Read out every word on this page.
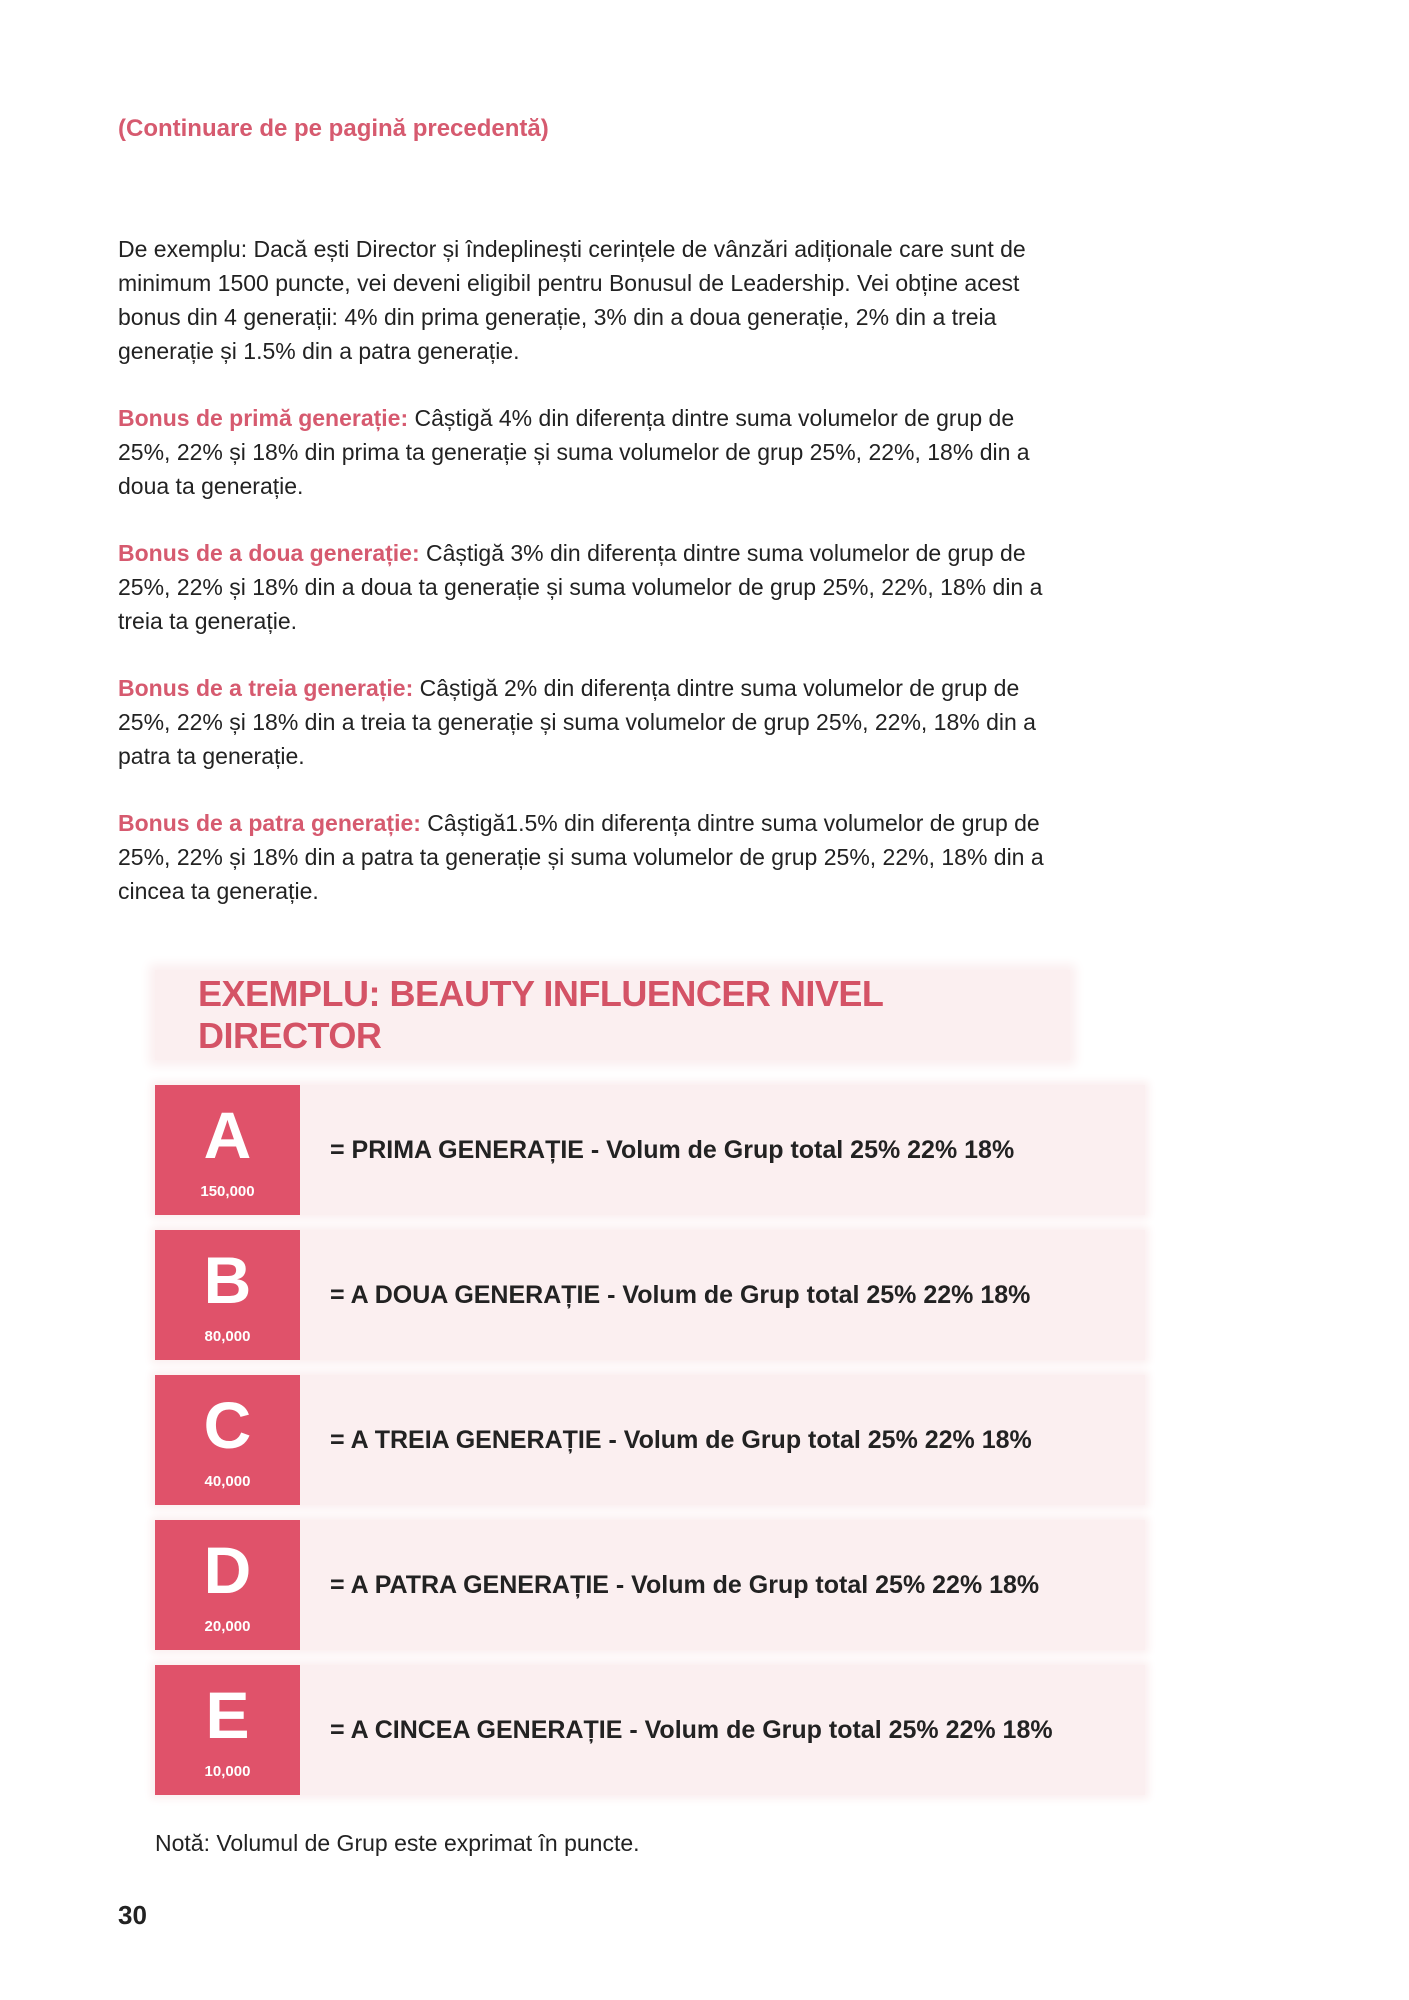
(Continuare de pe pagină precedentă)

De exemplu: Dacă ești Director și îndeplinești cerințele de vânzări adiționale care sunt de minimum 1500 puncte, vei deveni eligibil pentru Bonusul de Leadership. Vei obține acest bonus din 4 generații: 4% din prima generație, 3% din a doua generație, 2% din a treia generație și 1.5% din a patra generație.

Bonus de primă generație: Câștigă 4% din diferența dintre suma volumelor de grup de 25%, 22% și 18% din prima ta generație și suma volumelor de grup 25%, 22%, 18% din a doua ta generație.

Bonus de a doua generație: Câștigă 3% din diferența dintre suma volumelor de grup de 25%, 22% și 18% din a doua ta generație și suma volumelor de grup 25%, 22%, 18% din a treia ta generație.

Bonus de a treia generație: Câștigă 2% din diferența dintre suma volumelor de grup de 25%, 22% și 18% din a treia ta generație și suma volumelor de grup 25%, 22%, 18% din a patra ta generație.

Bonus de a patra generație: Câștigă1.5% din diferența dintre suma volumelor de grup de 25%, 22% și 18% din a patra ta generație și suma volumelor de grup 25%, 22%, 18% din a cincea ta generație.

EXEMPLU: BEAUTY INFLUENCER NIVEL DIRECTOR
A
150,000
= PRIMA GENERAȚIE - Volum de Grup total 25% 22% 18%
B
80,000
= A DOUA GENERAȚIE - Volum de Grup total 25% 22% 18%
C
40,000
= A TREIA GENERAȚIE - Volum de Grup total 25% 22% 18%
D
20,000
= A PATRA GENERAȚIE - Volum de Grup total 25% 22% 18%
E
10,000
= A CINCEA GENERAȚIE - Volum de Grup total 25% 22% 18%
Notă: Volumul de Grup este exprimat în puncte.
30
